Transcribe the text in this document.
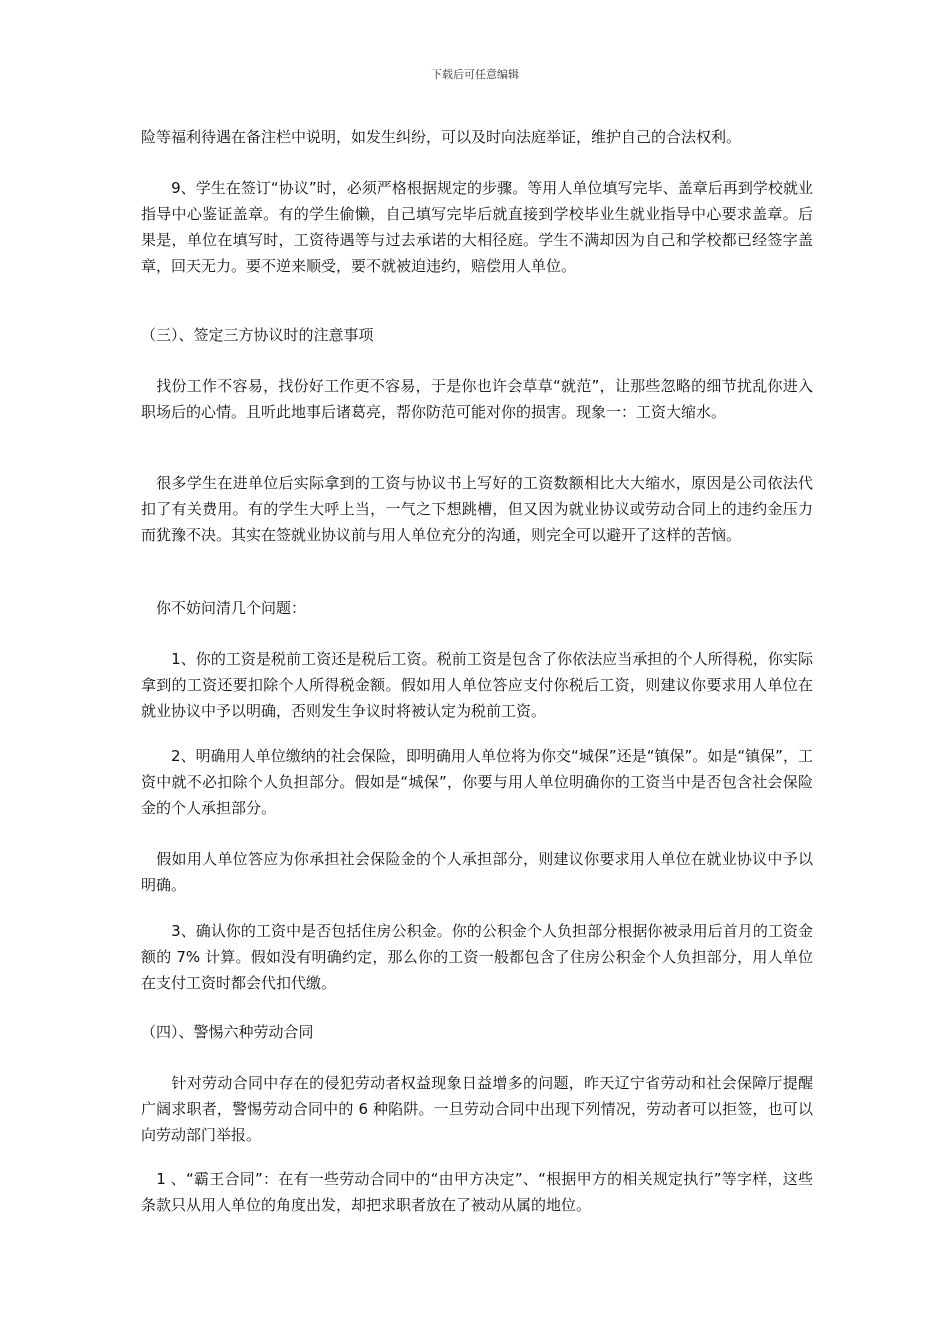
下载后可任意编辑

险等福利待遇在备注栏中说明，如发生纠纷，可以及时向法庭举证，维护自己的合法权利。

　　9、学生在签订“协议”时，必须严格根据规定的步骤。等用人单位填写完毕、盖章后再到学校就业指导中心鉴证盖章。有的学生偷懒，自己填写完毕后就直接到学校毕业生就业指导中心要求盖章。后果是，单位在填写时，工资待遇等与过去承诺的大相径庭。学生不满却因为自己和学校都已经签字盖章，回天无力。要不逆来顺受，要不就被迫违约，赔偿用人单位。

（三）、签定三方协议时的注意事项

　找份工作不容易，找份好工作更不容易，于是你也许会草草“就范”，让那些忽略的细节扰乱你进入职场后的心情。且听此地事后诸葛亮，帮你防范可能对你的损害。现象一：工资大缩水。

　很多学生在进单位后实际拿到的工资与协议书上写好的工资数额相比大大缩水，原因是公司依法代扣了有关费用。有的学生大呼上当，一气之下想跳槽，但又因为就业协议或劳动合同上的违约金压力而犹豫不决。其实在签就业协议前与用人单位充分的沟通，则完全可以避开了这样的苦恼。

　你不妨问清几个问题：

　　1、你的工资是税前工资还是税后工资。税前工资是包含了你依法应当承担的个人所得税，你实际拿到的工资还要扣除个人所得税金额。假如用人单位答应支付你税后工资，则建议你要求用人单位在就业协议中予以明确，否则发生争议时将被认定为税前工资。

　　2、明确用人单位缴纳的社会保险，即明确用人单位将为你交“城保”还是“镇保”。如是“镇保”，工资中就不必扣除个人负担部分。假如是“城保”，你要与用人单位明确你的工资当中是否包含社会保险金的个人承担部分。

　假如用人单位答应为你承担社会保险金的个人承担部分，则建议你要求用人单位在就业协议中予以明确。

　　3、确认你的工资中是否包括住房公积金。你的公积金个人负担部分根据你被录用后首月的工资金额的 7% 计算。假如没有明确约定，那么你的工资一般都包含了住房公积金个人负担部分，用人单位在支付工资时都会代扣代缴。

（四）、警惕六种劳动合同

　　针对劳动合同中存在的侵犯劳动者权益现象日益增多的问题，昨天辽宁省劳动和社会保障厅提醒广阔求职者，警惕劳动合同中的 6 种陷阱。一旦劳动合同中出现下列情况，劳动者可以拒签，也可以向劳动部门举报。

　1 、“霸王合同”：在有一些劳动合同中的“由甲方决定”、“根据甲方的相关规定执行”等字样，这些条款只从用人单位的角度出发，却把求职者放在了被动从属的地位。
